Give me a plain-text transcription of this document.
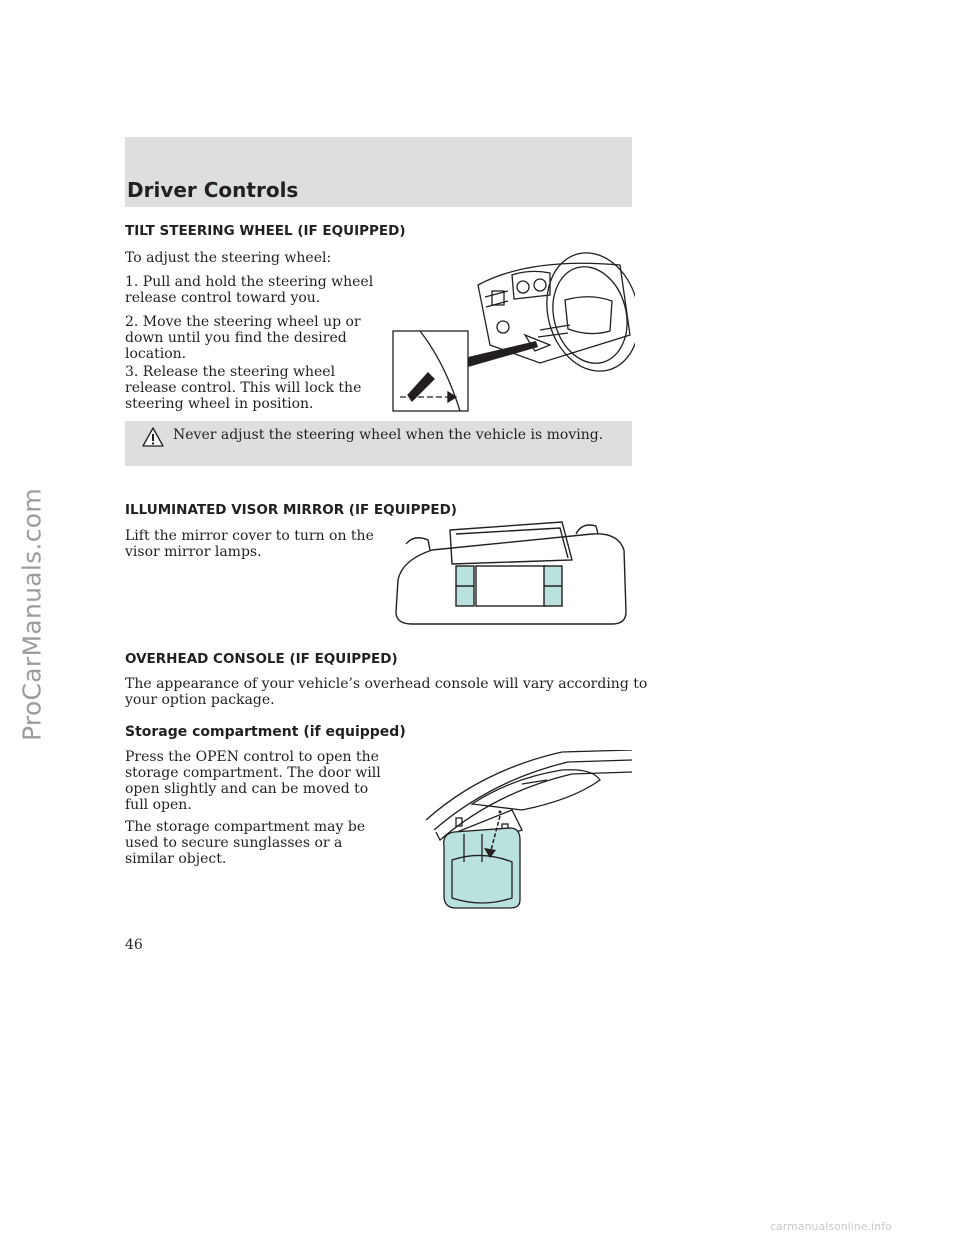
ProCarManuals.com
Driver Controls
TILT STEERING WHEEL (IF EQUIPPED)
To adjust the steering wheel:
1. Pull and hold the steering wheel
release control toward you.
2. Move the steering wheel up or
down until you find the desired
location.
3. Release the steering wheel
release control. This will lock the
steering wheel in position.
Never adjust the steering wheel when the vehicle is moving.
ILLUMINATED VISOR MIRROR (IF EQUIPPED)
Lift the mirror cover to turn on the
visor mirror lamps.
OVERHEAD CONSOLE (IF EQUIPPED)
The appearance of your vehicle’s overhead console will vary according to
your option package.
Storage compartment (if equipped)
Press the OPEN control to open the
storage compartment. The door will
open slightly and can be moved to
full open.
The storage compartment may be
used to secure sunglasses or a
similar object.
46
carmanualsonline.info
